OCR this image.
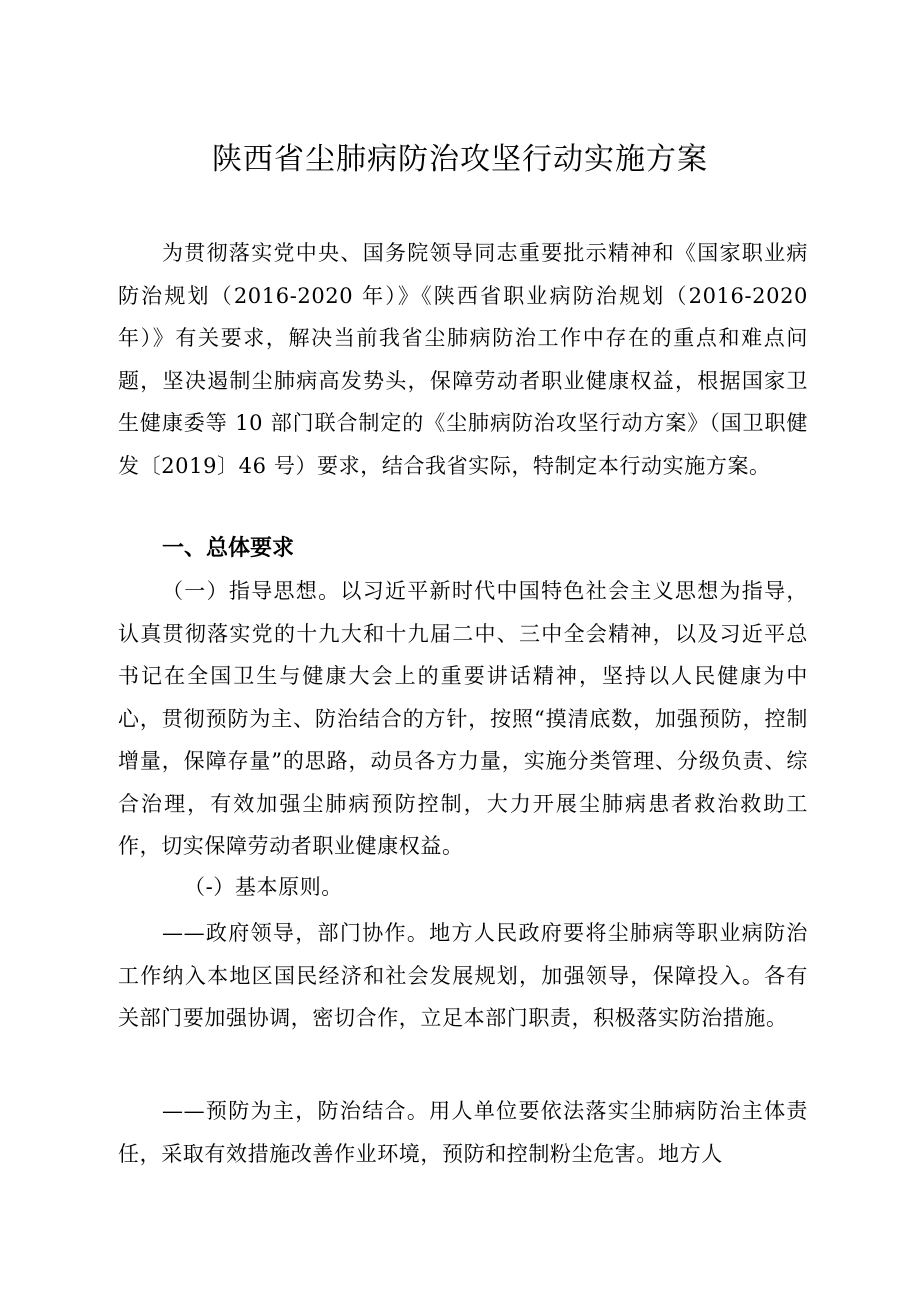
陕西省尘肺病防治攻坚行动实施方案

为贯彻落实党中央、国务院领导同志重要批示精神和《国家职业病防治规划（2016-2020 年）》《陕西省职业病防治规划（2016-2020 年）》有关要求，解决当前我省尘肺病防治工作中存在的重点和难点问题，坚决遏制尘肺病高发势头，保障劳动者职业健康权益，根据国家卫生健康委等 10 部门联合制定的《尘肺病防治攻坚行动方案》（国卫职健发〔2019〕46 号）要求，结合我省实际，特制定本行动实施方案。

一、总体要求

（一）指导思想。以习近平新时代中国特色社会主义思想为指导，认真贯彻落实党的十九大和十九届二中、三中全会精神，以及习近平总书记在全国卫生与健康大会上的重要讲话精神，坚持以人民健康为中心，贯彻预防为主、防治结合的方针，按照“摸清底数，加强预防，控制增量，保障存量”的思路，动员各方力量，实施分类管理、分级负责、综合治理，有效加强尘肺病预防控制，大力开展尘肺病患者救治救助工作，切实保障劳动者职业健康权益。

（-）基本原则。

——政府领导，部门协作。地方人民政府要将尘肺病等职业病防治工作纳入本地区国民经济和社会发展规划，加强领导，保障投入。各有关部门要加强协调，密切合作，立足本部门职责，积极落实防治措施。

——预防为主，防治结合。用人单位要依法落实尘肺病防治主体责任，采取有效措施改善作业环境，预防和控制粉尘危害。地方人
